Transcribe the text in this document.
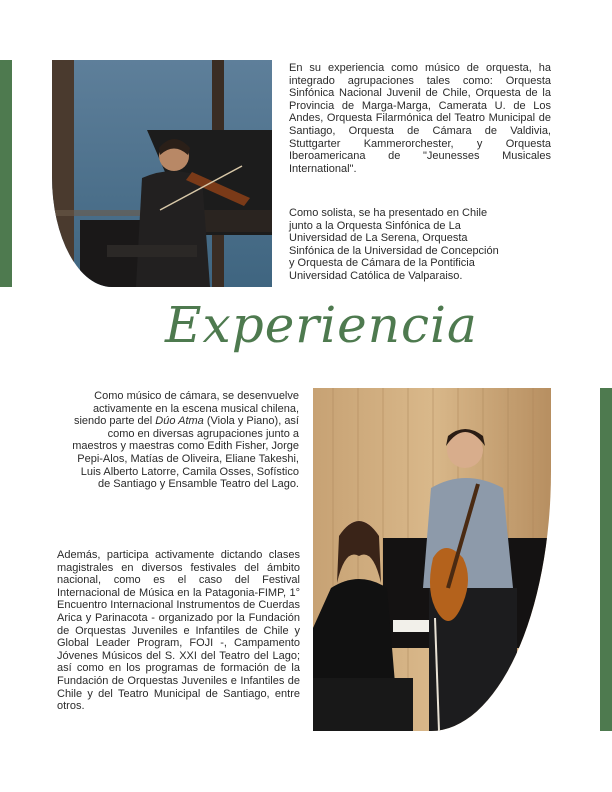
En su experiencia como músico de orquesta, ha integrado agrupaciones tales como: Orquesta Sinfónica Nacional Juvenil de Chile, Orquesta de la Provincia de Marga-Marga, Camerata U. de Los Andes, Orquesta Filarmónica del Teatro Municipal de Santiago, Orquesta de Cámara de Valdivia, Stuttgarter Kammerorchester, y Orquesta Iberoamericana de "Jeunesses Musicales International".

Como solista, se ha presentado en Chile junto a la Orquesta Sinfónica de La Universidad de La Serena, Orquesta Sinfónica de la Universidad de Concepción y Orquesta de Cámara de la Pontificia Universidad Católica de Valparaiso.

Experiencia

Como músico de cámara, se desenvuelve activamente en la escena musical chilena, siendo parte del Dúo Atma (Viola y Piano), así como en diversas agrupaciones junto a maestros y maestras como Edith Fisher, Jorge Pepi-Alos, Matías de Oliveira, Eliane Takeshi, Luis Alberto Latorre, Camila Osses, Sofístico de Santiago y Ensamble Teatro del Lago.

Además, participa activamente dictando clases magistrales en diversos festivales del ámbito nacional, como es el caso del Festival Internacional de Música en la Patagonia-FIMP, 1° Encuentro Internacional Instrumentos de Cuerdas Arica y Parinacota - organizado por la Fundación de Orquestas Juveniles e Infantiles de Chile y Global Leader Program, FOJI -, Campamento Jóvenes Músicos del S. XXI del Teatro del Lago; así como en los programas de formación de la Fundación de Orquestas Juveniles e Infantiles de Chile y del Teatro Municipal de Santiago, entre otros.
